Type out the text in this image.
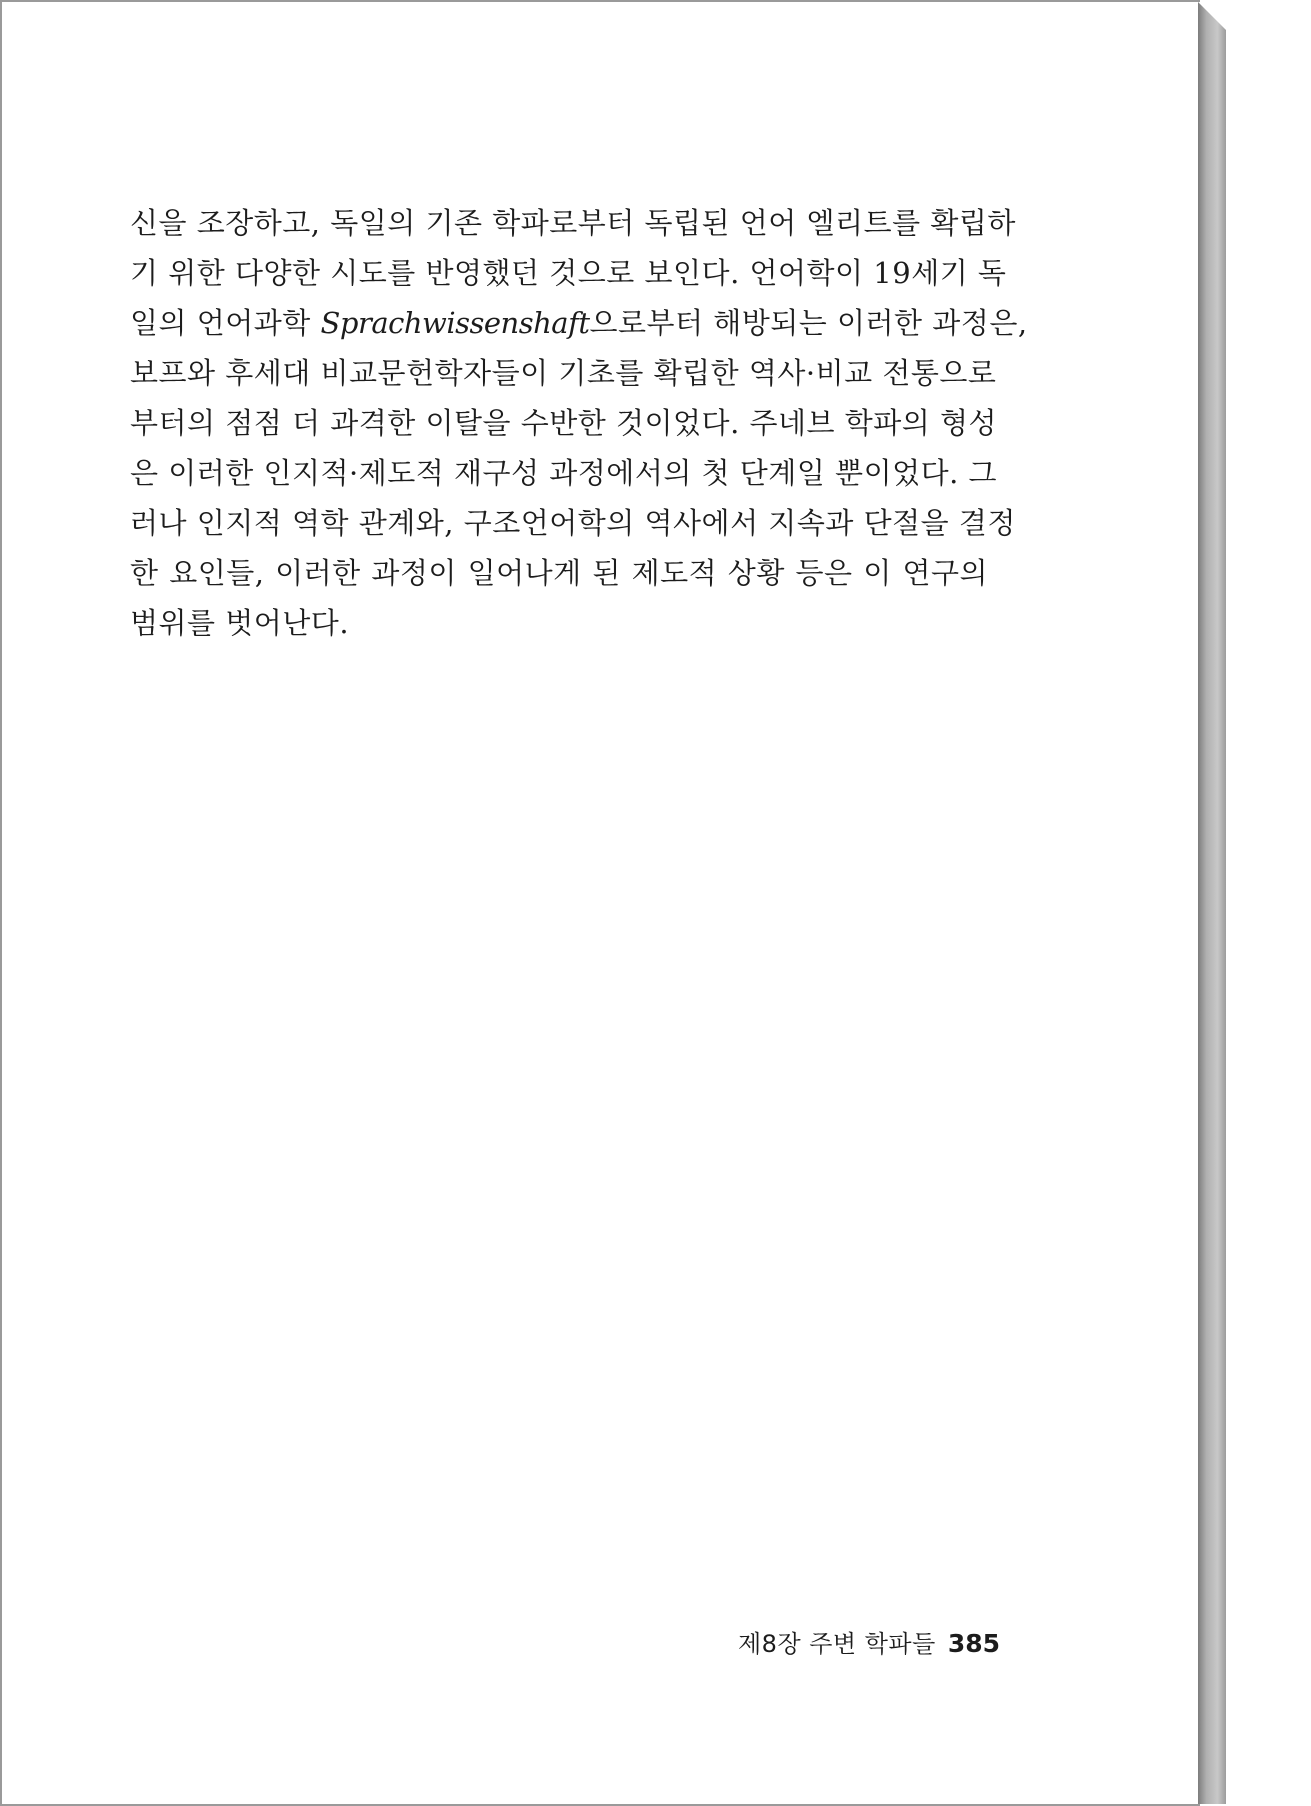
신을 조장하고, 독일의 기존 학파로부터 독립된 언어 엘리트를 확립하
기 위한 다양한 시도를 반영했던 것으로 보인다. 언어학이 19세기 독
일의 언어과학 Sprachwissenshaft으로부터 해방되는 이러한 과정은,
보프와 후세대 비교문헌학자들이 기초를 확립한 역사·비교 전통으로
부터의 점점 더 과격한 이탈을 수반한 것이었다. 주네브 학파의 형성
은 이러한 인지적·제도적 재구성 과정에서의 첫 단계일 뿐이었다. 그
러나 인지적 역학 관계와, 구조언어학의 역사에서 지속과 단절을 결정
한 요인들, 이러한 과정이 일어나게 된 제도적 상황 등은 이 연구의
범위를 벗어난다.
제8장 주변 학파들 385
